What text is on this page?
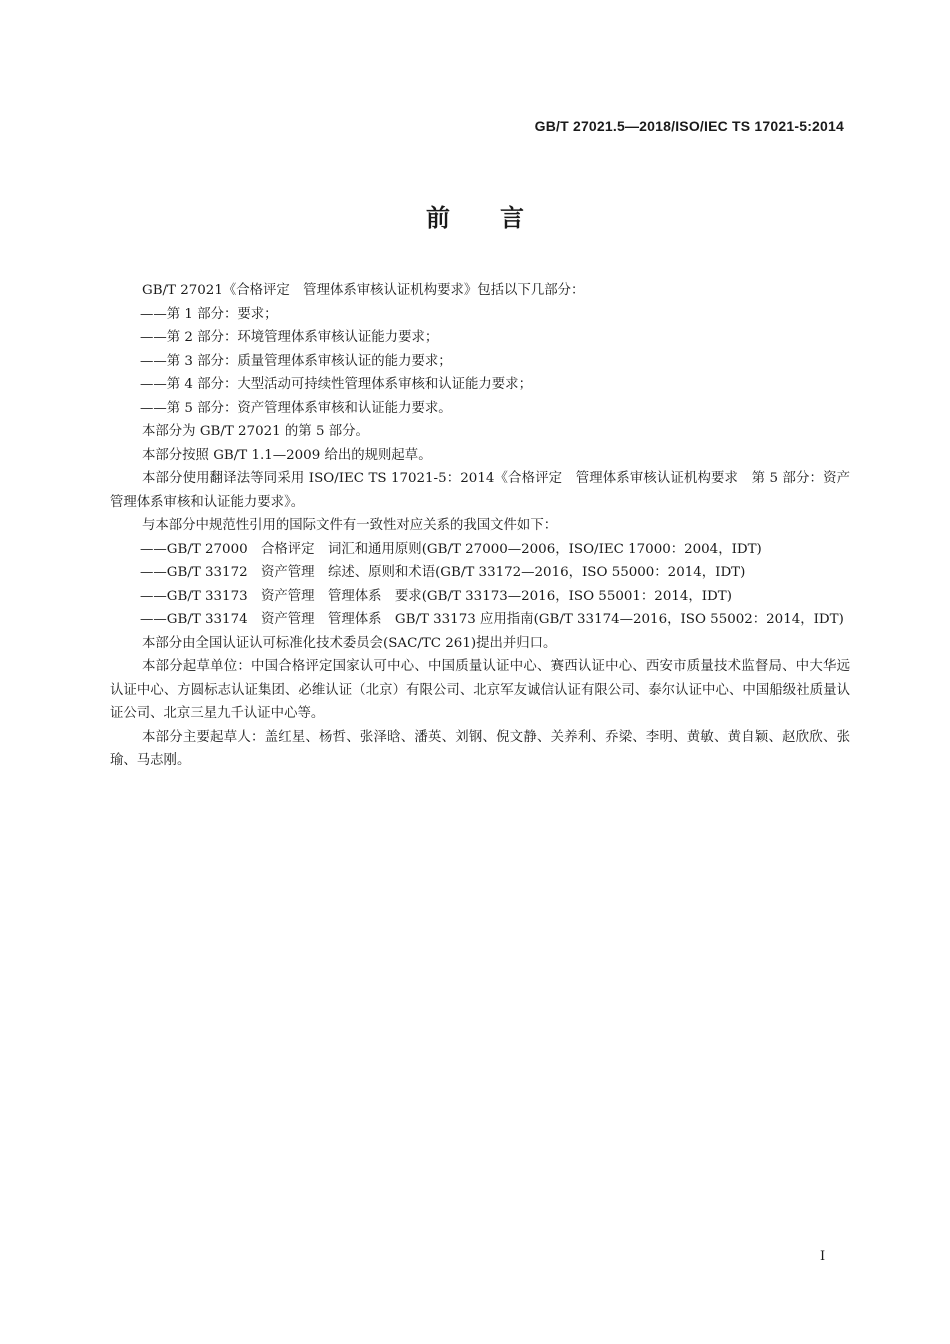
GB/T 27021.5—2018/ISO/IEC TS 17021-5:2014
前言

GB/T 27021《合格评定　管理体系审核认证机构要求》包括以下几部分：

——第 1 部分：要求；

——第 2 部分：环境管理体系审核认证能力要求；

——第 3 部分：质量管理体系审核认证的能力要求；

——第 4 部分：大型活动可持续性管理体系审核和认证能力要求；

——第 5 部分：资产管理体系审核和认证能力要求。

本部分为 GB/T 27021 的第 5 部分。

本部分按照 GB/T 1.1—2009 给出的规则起草。

本部分使用翻译法等同采用 ISO/IEC TS 17021-5：2014《合格评定　管理体系审核认证机构要求　第 5 部分：资产管理体系审核和认证能力要求》。

与本部分中规范性引用的国际文件有一致性对应关系的我国文件如下：

——GB/T 27000　合格评定　词汇和通用原则(GB/T 27000—2006，ISO/IEC 17000：2004，IDT)

——GB/T 33172　资产管理　综述、原则和术语(GB/T 33172—2016，ISO 55000：2014，IDT)

——GB/T 33173　资产管理　管理体系　要求(GB/T 33173—2016，ISO 55001：2014，IDT)

——GB/T 33174　资产管理　管理体系　GB/T 33173 应用指南(GB/T 33174—2016，ISO 55002：2014，IDT)

本部分由全国认证认可标准化技术委员会(SAC/TC 261)提出并归口。

本部分起草单位：中国合格评定国家认可中心、中国质量认证中心、赛西认证中心、西安市质量技术监督局、中大华远认证中心、方圆标志认证集团、必维认证（北京）有限公司、北京军友诚信认证有限公司、泰尔认证中心、中国船级社质量认证公司、北京三星九千认证中心等。

本部分主要起草人：盖红星、杨哲、张泽晗、潘英、刘钢、倪文静、关养利、乔梁、李明、黄敏、黄自颖、赵欣欣、张瑜、马志刚。

I
